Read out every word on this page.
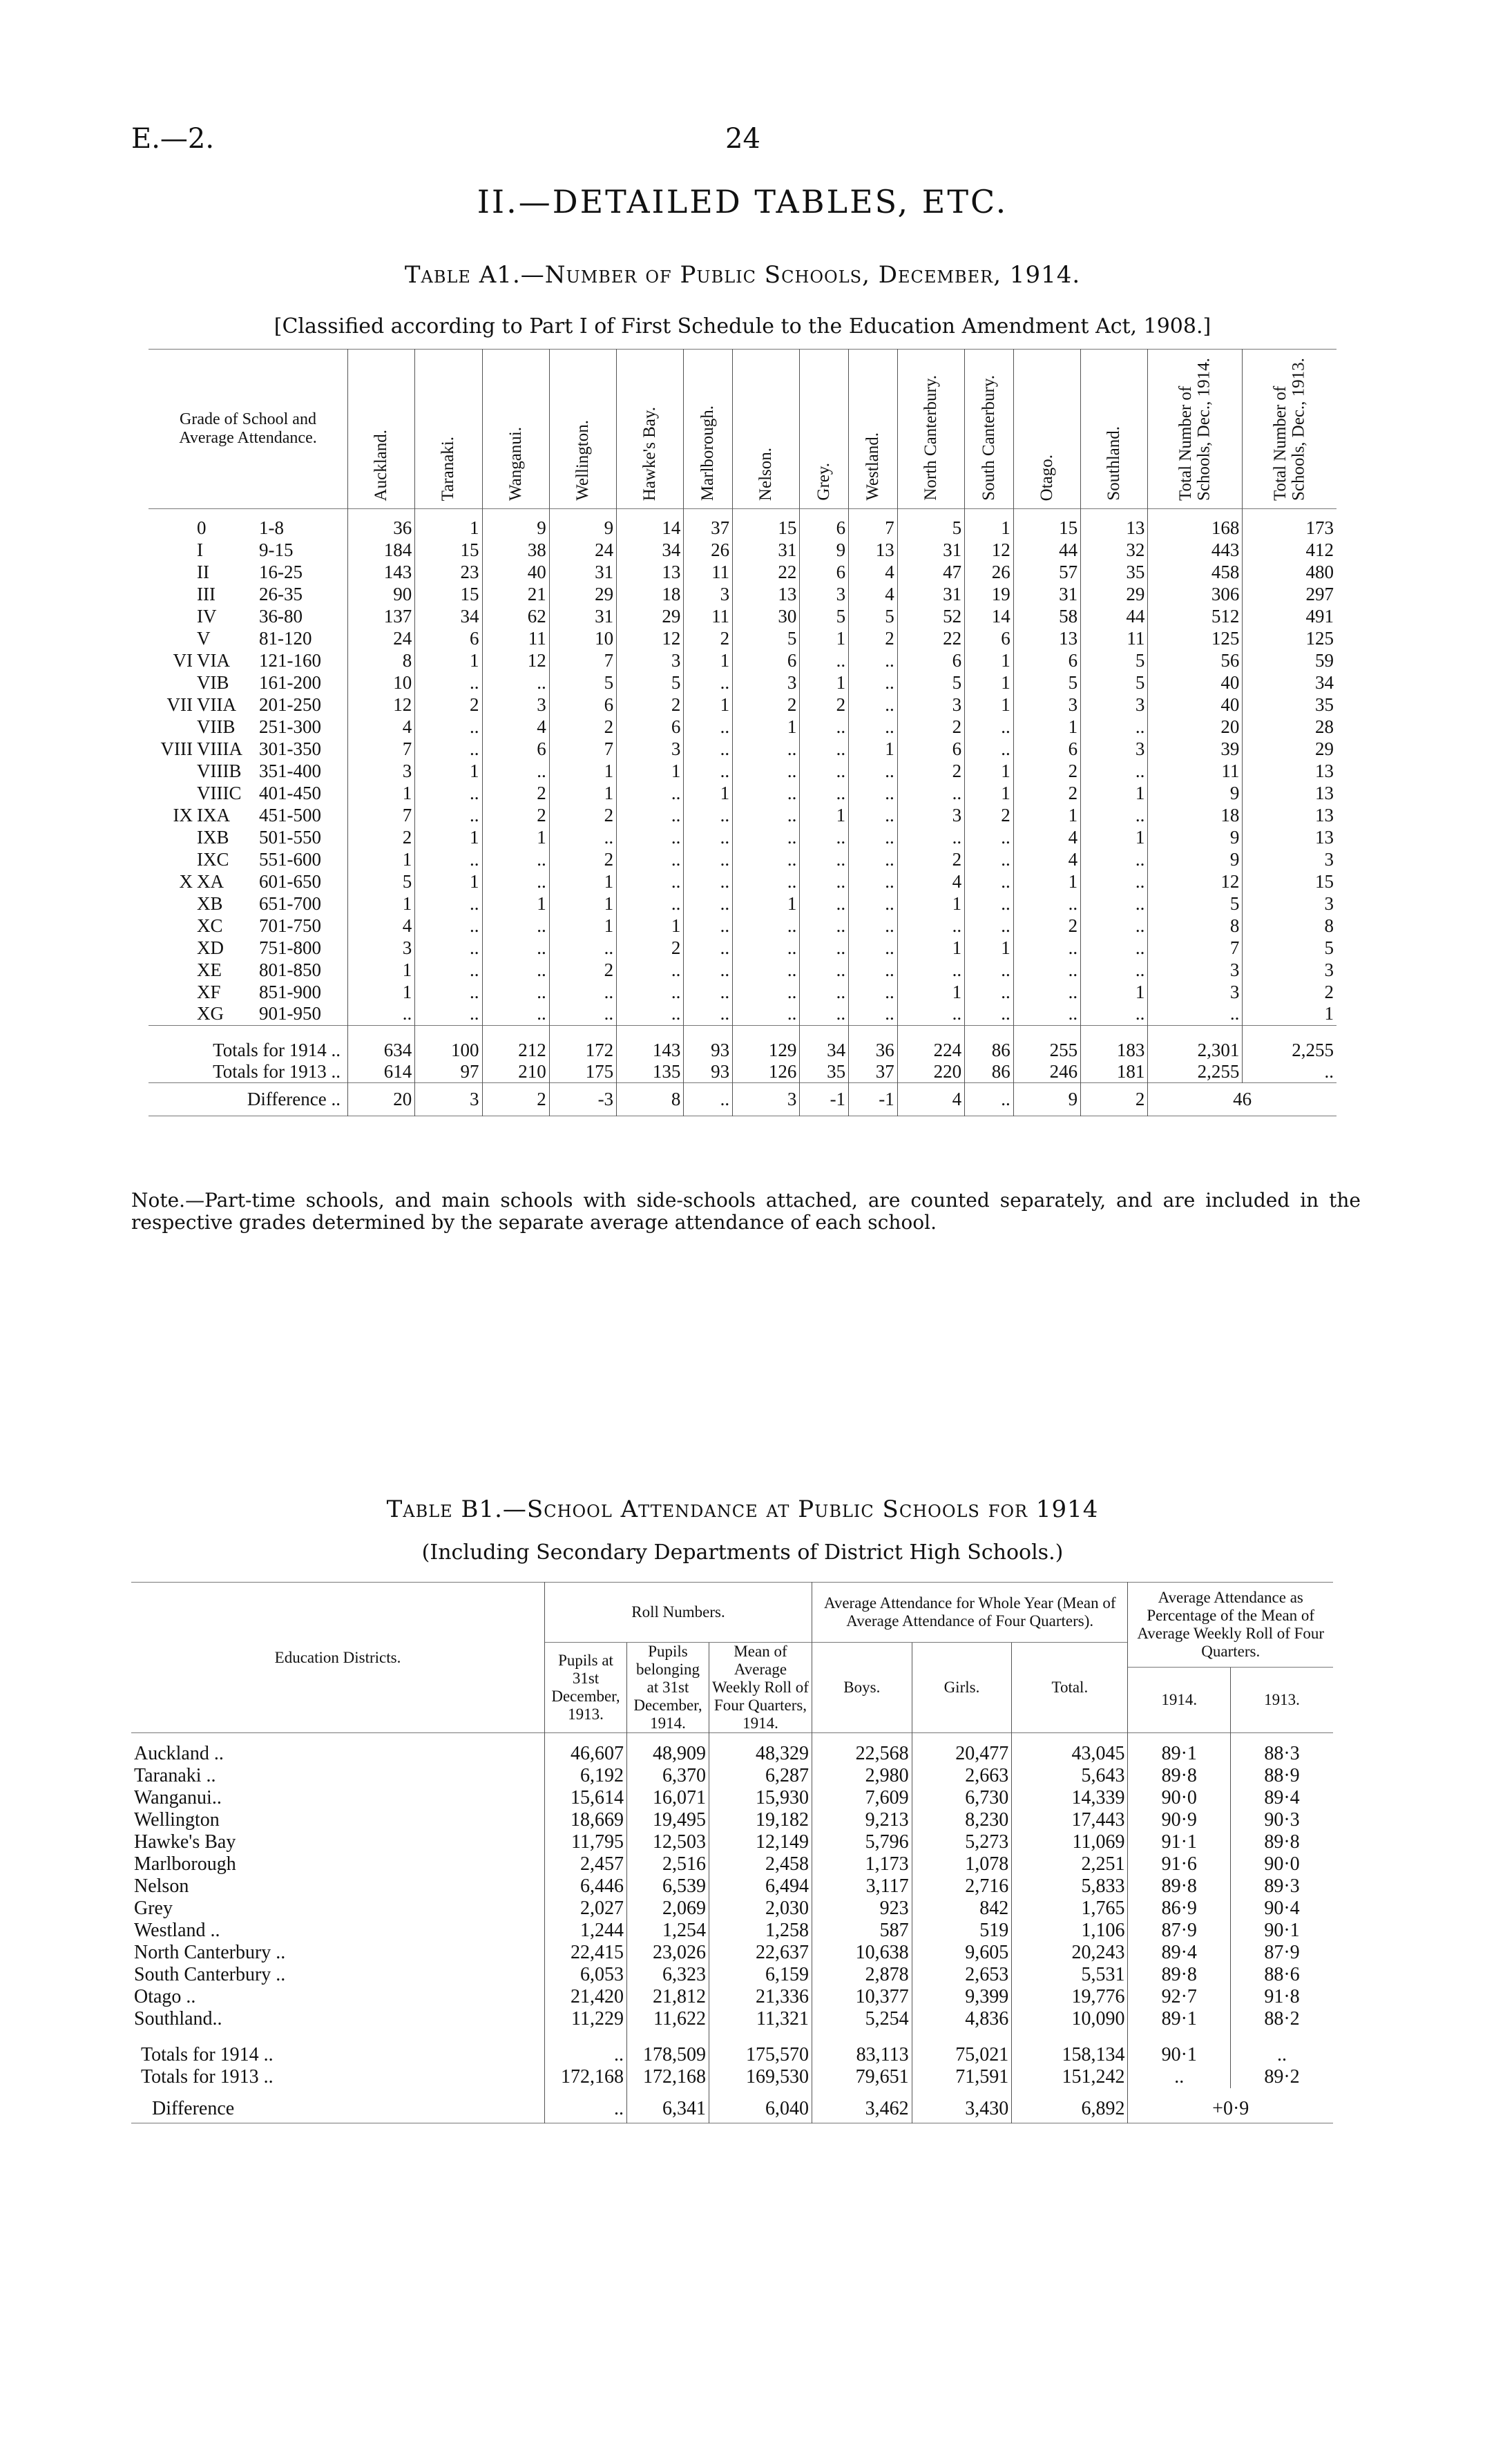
E.—2.	24
II.—DETAILED TABLES, ETC.
Table A1.—Number of Public Schools, December, 1914.
[Classified according to Part I of First Schedule to the Education Amendment Act, 1908.]
Grade of School and Average Attendance.	Auckland.	Taranaki.	Wanganui.	Wellington.	Hawke's Bay.	Marlborough.	Nelson.	Grey.	Westland.	North Canterbury.	South Canterbury.	Otago.	Southland.	Total Number of Schools, Dec., 1914.	Total Number of Schools, Dec., 1913.
0 1-8	36	1	9	9	14	37	15	6	7	5	1	15	13	168	173
I 9-15	184	15	38	24	34	26	31	9	13	31	12	44	32	443	412
II 16-25	143	23	40	31	13	11	22	6	4	47	26	57	35	458	480
III 26-35	90	15	21	29	18	3	13	3	4	31	19	31	29	306	297
IV 36-80	137	34	62	31	29	11	30	5	5	52	14	58	44	512	491
V 81-120	24	6	11	10	12	2	5	1	2	22	6	13	11	125	125
VI VIA 121-160	8	1	12	7	3	1	6	..	..	6	1	6	5	56	59
VIB 161-200	10	..	..	5	5	..	3	1	..	5	1	5	5	40	34
VII VIIA 201-250	12	2	3	6	2	1	2	2	..	3	1	3	3	40	35
VIIB 251-300	4	..	4	2	6	..	1	..	..	2	..	1	..	20	28
VIII VIIIA 301-350	7	..	6	7	3	..	..	..	1	6	..	6	3	39	29
VIIIB 351-400	3	1	..	1	1	..	..	..	..	2	1	2	..	11	13
VIIIC 401-450	1	..	2	1	..	1	..	..	..	..	1	2	1	9	13
IX IXA 451-500	7	..	2	2	..	..	..	1	..	3	2	1	..	18	13
IXB 501-550	2	1	1	..	..	..	..	..	..	..	..	4	1	9	13
IXC 551-600	1	..	..	2	..	..	..	..	..	2	..	4	..	9	3
X XA 601-650	5	1	..	1	..	..	..	..	..	4	..	1	..	12	15
XB 651-700	1	..	1	1	..	..	1	..	..	1	..	..	..	5	3
XC 701-750	4	..	..	1	1	..	..	..	..	..	..	2	..	8	8
XD 751-800	3	..	..	..	2	..	..	..	..	1	1	..	..	7	5
XE 801-850	1	..	..	2	..	..	..	..	..	..	..	..	..	3	3
XF 851-900	1	..	..	..	..	..	..	..	..	1	..	..	1	3	2
XG 901-950	..	..	..	..	..	..	..	..	..	..	..	..	..	..	1
Totals for 1914 ..	634	100	212	172	143	93	129	34	36	224	86	255	183	2,301	2,255
Totals for 1913 ..	614	97	210	175	135	93	126	35	37	220	86	246	181	2,255	..
Difference ..	20	3	2	-3	8	..	3	-1	-1	4	..	9	2	46	
Note.—Part-time schools, and main schools with side-schools attached, are counted separately, and are included in the respective grades determined by the separate average attendance of each school.
Table B1.—School Attendance at Public Schools for 1914
(Including Secondary Departments of District High Schools.)
Education Districts.	Roll Numbers.			Average Attendance for Whole Year (Mean of Average Attendance of Four Quarters).			Average Attendance as Percentage of the Mean of Average Weekly Roll of Four Quarters.	
	Pupils at 31st December, 1913.	Pupils belonging at 31st December, 1914.	Mean of Average Weekly Roll of Four Quarters, 1914.	Boys.	Girls.	Total.		
							1914.	1913.
Auckland ..	46,607	48,909	48,329	22,568	20,477	43,045	89·1	88·3
Taranaki ..	6,192	6,370	6,287	2,980	2,663	5,643	89·8	88·9
Wanganui..	15,614	16,071	15,930	7,609	6,730	14,339	90·0	89·4
Wellington	18,669	19,495	19,182	9,213	8,230	17,443	90·9	90·3
Hawke's Bay	11,795	12,503	12,149	5,796	5,273	11,069	91·1	89·8
Marlborough	2,457	2,516	2,458	1,173	1,078	2,251	91·6	90·0
Nelson	6,446	6,539	6,494	3,117	2,716	5,833	89·8	89·3
Grey	2,027	2,069	2,030	923	842	1,765	86·9	90·4
Westland ..	1,244	1,254	1,258	587	519	1,106	87·9	90·1
North Canterbury ..	22,415	23,026	22,637	10,638	9,605	20,243	89·4	87·9
South Canterbury ..	6,053	6,323	6,159	2,878	2,653	5,531	89·8	88·6
Otago ..	21,420	21,812	21,336	10,377	9,399	19,776	92·7	91·8
Southland..	11,229	11,622	11,321	5,254	4,836	10,090	89·1	88·2
Totals for 1914 ..	..	178,509	175,570	83,113	75,021	158,134	90·1	..
Totals for 1913 ..	172,168	172,168	169,530	79,651	71,591	151,242	..	89·2
Difference	..	6,341	6,040	3,462	3,430	6,892	+0·9	
